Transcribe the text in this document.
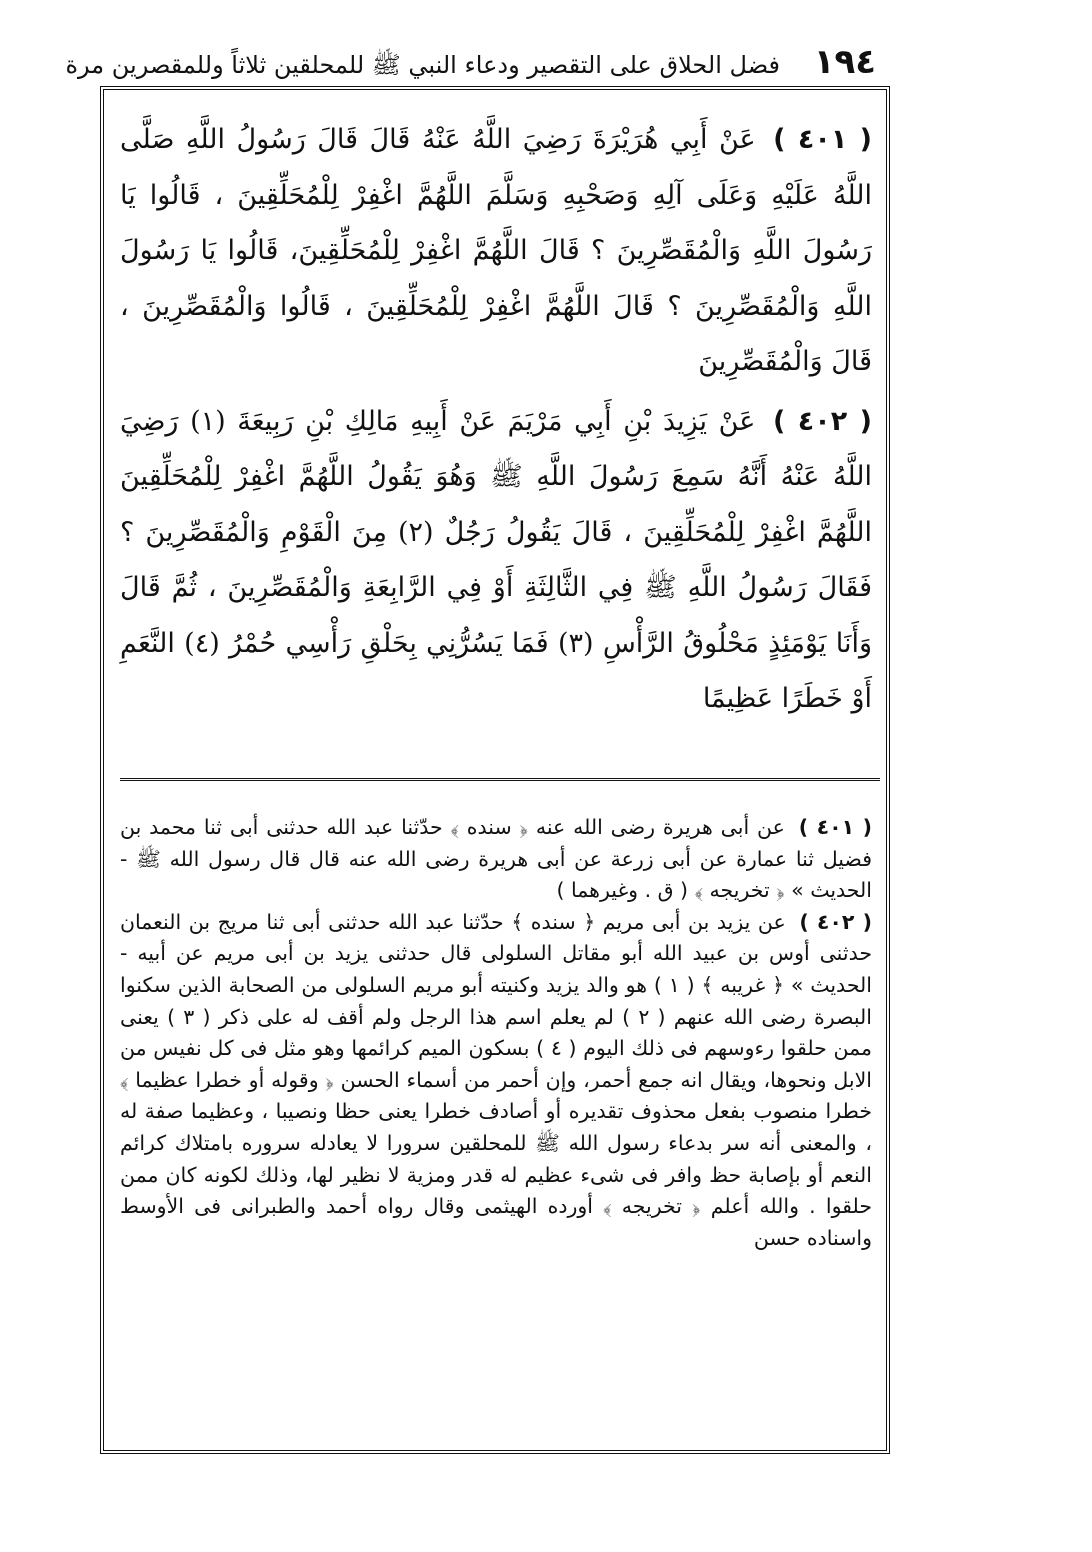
١٩٤
فضل الحلاق على التقصير ودعاء النبي ﷺ للمحلقين ثلاثاً وللمقصرين مرة

( ٤٠١ ) عَنْ أَبِي هُرَيْرَةَ رَضِيَ اللَّهُ عَنْهُ قَالَ قَالَ رَسُولُ اللَّهِ صَلَّى اللَّهُ عَلَيْهِ وَعَلَى آلِهِ وَصَحْبِهِ وَسَلَّمَ اللَّهُمَّ اغْفِرْ لِلْمُحَلِّقِينَ ، قَالُوا يَا رَسُولَ اللَّهِ وَالْمُقَصِّرِينَ ؟ قَالَ اللَّهُمَّ اغْفِرْ لِلْمُحَلِّقِينَ، قَالُوا يَا رَسُولَ اللَّهِ وَالْمُقَصِّرِينَ ؟ قَالَ اللَّهُمَّ اغْفِرْ لِلْمُحَلِّقِينَ ، قَالُوا وَالْمُقَصِّرِينَ ، قَالَ وَالْمُقَصِّرِينَ

( ٤٠٢ ) عَنْ يَزِيدَ بْنِ أَبِي مَرْيَمَ عَنْ أَبِيهِ مَالِكِ بْنِ رَبِيعَةَ (١) رَضِيَ اللَّهُ عَنْهُ أَنَّهُ سَمِعَ رَسُولَ اللَّهِ ﷺ وَهُوَ يَقُولُ اللَّهُمَّ اغْفِرْ لِلْمُحَلِّقِينَ اللَّهُمَّ اغْفِرْ لِلْمُحَلِّقِينَ ، قَالَ يَقُولُ رَجُلٌ (٢) مِنَ الْقَوْمِ وَالْمُقَصِّرِينَ ؟ فَقَالَ رَسُولُ اللَّهِ ﷺ فِي الثَّالِثَةِ أَوْ فِي الرَّابِعَةِ وَالْمُقَصِّرِينَ ، ثُمَّ قَالَ وَأَنَا يَوْمَئِذٍ مَحْلُوقُ الرَّأْسِ (٣) فَمَا يَسُرُّنِي بِحَلْقِ رَأْسِي حُمْرُ (٤) النَّعَمِ أَوْ خَطَرًا عَظِيمًا

( ٤٠١ ) عن أبى هريرة رضى الله عنه ﴿ سنده ﴾ حدّثنا عبد الله حدثنى أبى ثنا محمد بن فضيل ثنا عمارة عن أبى زرعة عن أبى هريرة رضى الله عنه قال قال رسول الله ﷺ - الحديث » ﴿ تخريجه ﴾ ( ق . وغيرهما )

( ٤٠٢ ) عن يزيد بن أبى مريم ﴿ سنده ﴾ حدّثنا عبد الله حدثنى أبى ثنا مريج بن النعمان حدثنى أوس بن عبيد الله أبو مقاتل السلولى قال حدثنى يزيد بن أبى مريم عن أبيه - الحديث » ﴿ غريبه ﴾ ( ١ ) هو والد يزيد وكنيته أبو مريم السلولى من الصحابة الذين سكنوا البصرة رضى الله عنهم ( ٢ ) لم يعلم اسم هذا الرجل ولم أقف له على ذكر ( ٣ ) يعنى ممن حلقوا رءوسهم فى ذلك اليوم ( ٤ ) بسكون الميم كرائمها وهو مثل فى كل نفيس من الابل ونحوها، ويقال انه جمع أحمر، وإن أحمر من أسماء الحسن ﴿ وقوله أو خطرا عظيما ﴾ خطرا منصوب بفعل محذوف تقديره أو أصادف خطرا يعنى حظا ونصيبا ، وعظيما صفة له ، والمعنى أنه سر بدعاء رسول الله ﷺ للمحلقين سرورا لا يعادله سروره بامتلاك كرائم النعم أو بإصابة حظ وافر فى شىء عظيم له قدر ومزية لا نظير لها، وذلك لكونه كان ممن حلقوا . والله أعلم ﴿ تخريجه ﴾ أورده الهيثمى وقال رواه أحمد والطبرانى فى الأوسط واسناده حسن
